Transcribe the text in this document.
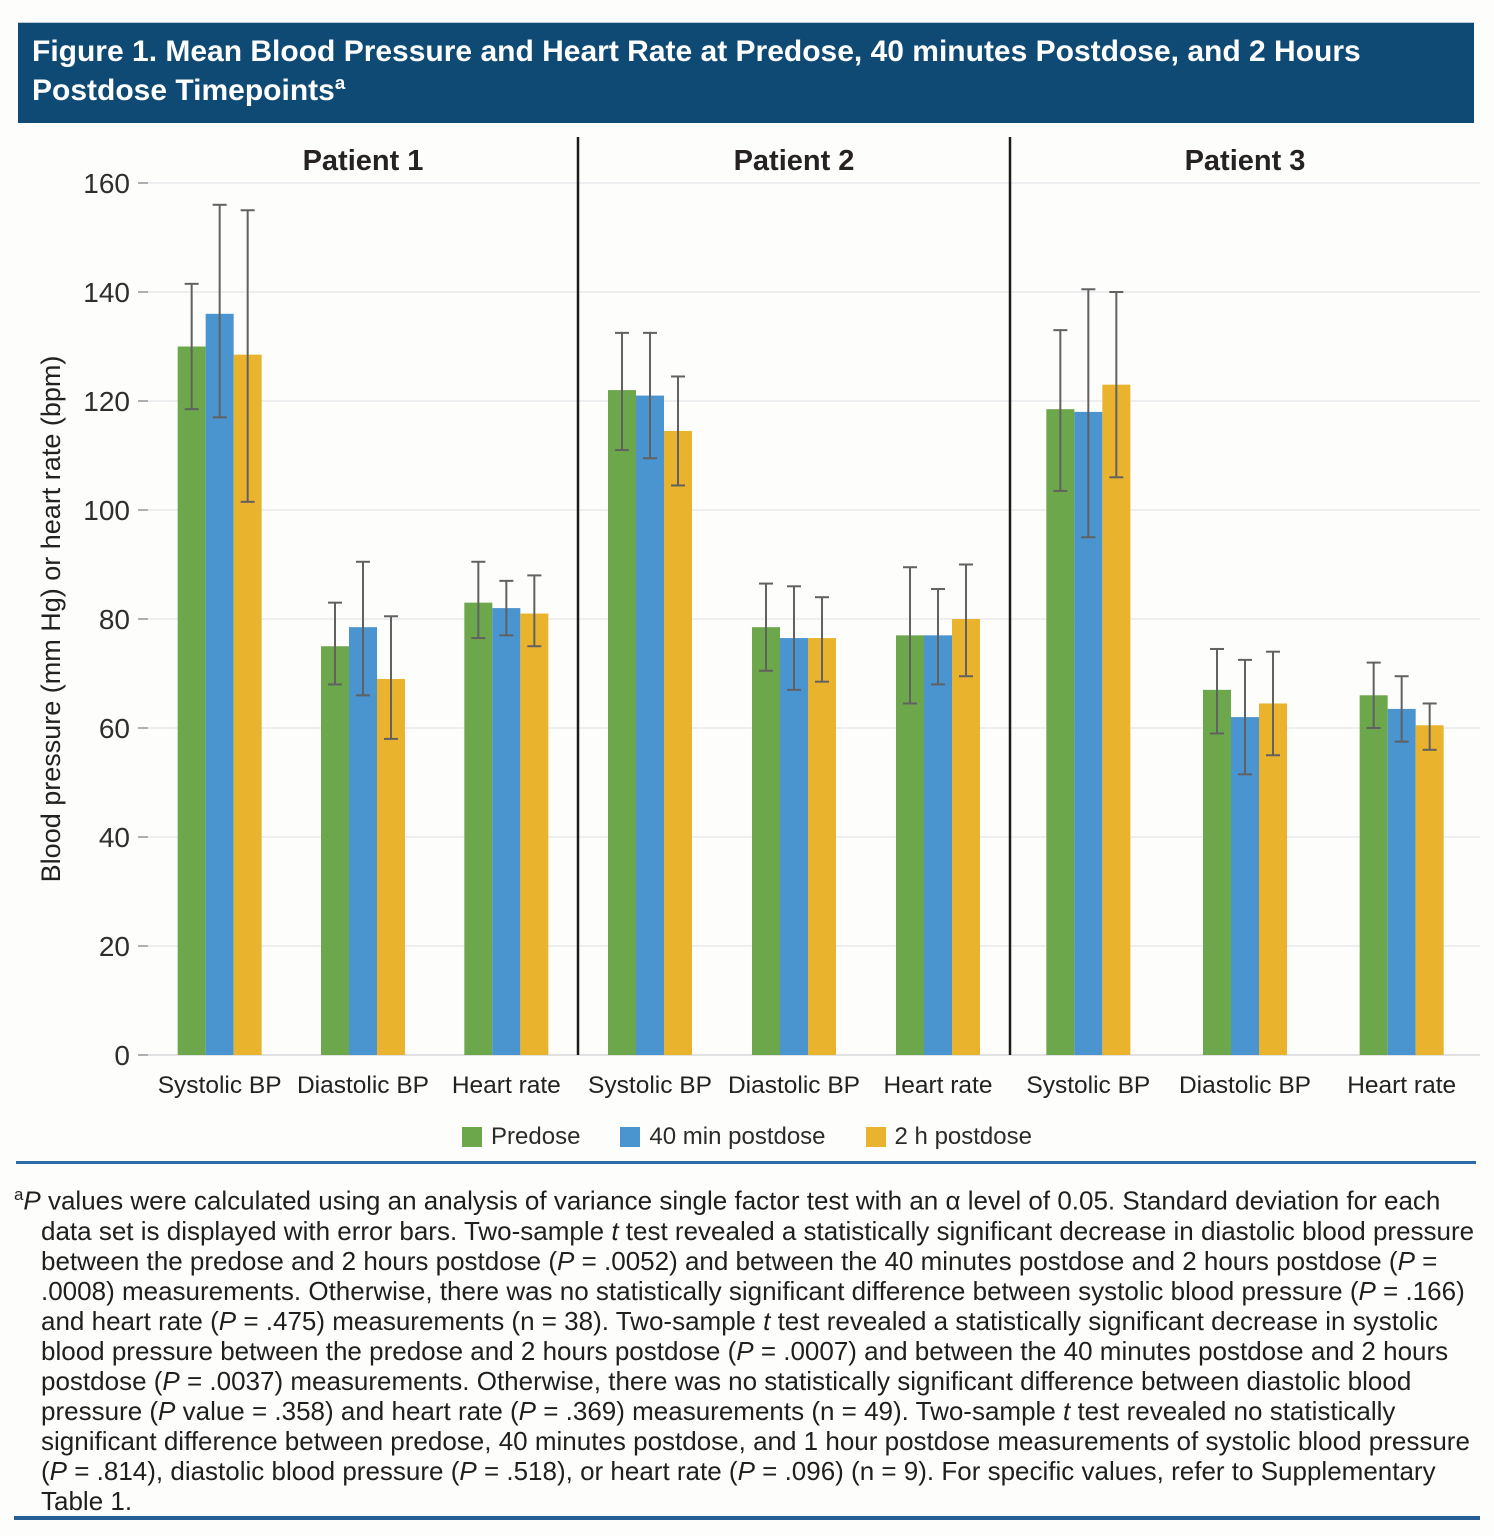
0
20
40
60
80
100
120
140
160
Blood pressure (mm Hg) or heart rate (bpm)
Patient 1
Systolic BP Diastolic BP Heart rate
Patient 2
Systolic BP Diastolic BP Heart rate
Patient 3
Systolic BP Diastolic BP Heart rate
Figure 1. Mean Blood Pressure and Heart Rate at Predose, 40 minutes Postdose, and 2 Hours Postdose Timepoints$^a$
Predose	40 min postdose	2 h postdose
$^a$P values were calculated using an analysis of variance single factor test with an α level of 0.05. Standard deviation for each data set is displayed with error bars. Two-sample t test revealed a statistically significant decrease in diastolic blood pressure between the predose and 2 hours postdose (P = .0052) and between the 40 minutes postdose and 2 hours postdose (P = .0008) measurements. Otherwise, there was no statistically significant difference between systolic blood pressure (P = .166) and heart rate (P = .475) measurements (n = 38). Two-sample t test revealed a statistically significant decrease in systolic blood pressure between the predose and 2 hours postdose (P = .0007) and between the 40 minutes postdose and 2 hours postdose (P = .0037) measurements. Otherwise, there was no statistically significant difference between diastolic blood pressure (P value = .358) and heart rate (P = .369) measurements (n = 49). Two-sample t test revealed no statistically significant difference between predose, 40 minutes postdose, and 1 hour postdose measurements of systolic blood pressure (P = .814), diastolic blood pressure (P = .518), or heart rate (P = .096) (n = 9). For specific values, refer to Supplementary Table 1.
